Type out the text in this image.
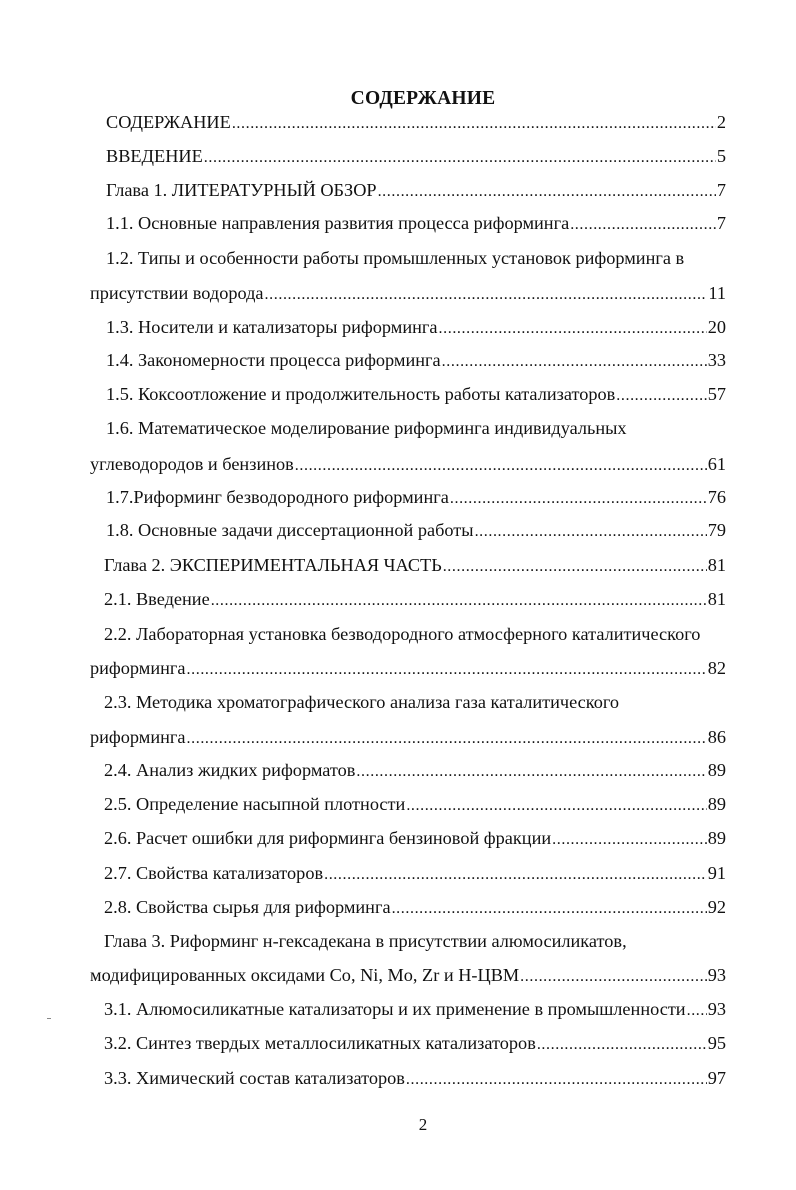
СОДЕРЖАНИЕ
СОДЕРЖАНИЕ .....	2
ВВЕДЕНИЕ .....	5
Глава 1. ЛИТЕРАТУРНЫЙ ОБЗОР .....	7
1.1. Основные направления развития процесса риформинга .....	7
1.2. Типы и особенности работы промышленных установок риформинга в
присутствии водорода .....	11
1.3. Носители и катализаторы риформинга .....	20
1.4. Закономерности процесса риформинга .....	33
1.5. Коксоотложение и продолжительность работы катализаторов .....	57
1.6. Математическое моделирование риформинга индивидуальных
углеводородов и бензинов .....	61
1.7.Риформинг безводородного риформинга .....	76
1.8. Основные задачи диссертационной работы .....	79
Глава 2. ЭКСПЕРИМЕНТАЛЬНАЯ ЧАСТЬ .....	81
2.1. Введение .....	81
2.2. Лабораторная установка безводородного атмосферного каталитического
риформинга .....	82
2.3. Методика хроматографического анализа газа каталитического
риформинга .....	86
2.4. Анализ жидких риформатов .....	89
2.5. Определение насыпной плотности .....	89
2.6. Расчет ошибки для риформинга бензиновой фракции .....	89
2.7. Свойства катализаторов .....	91
2.8. Свойства сырья для риформинга .....	92
Глава 3. Риформинг н-гексадекана в присутствии алюмосиликатов,
модифицированных оксидами Co, Ni, Mo, Zr и Н-ЦВМ .....	93
3.1. Алюмосиликатные катализаторы и их применение в промышленности ..... 93
3.2. Синтез твердых металлосиликатных катализаторов .....	95
3.3. Химический состав катализаторов .....	97
2
